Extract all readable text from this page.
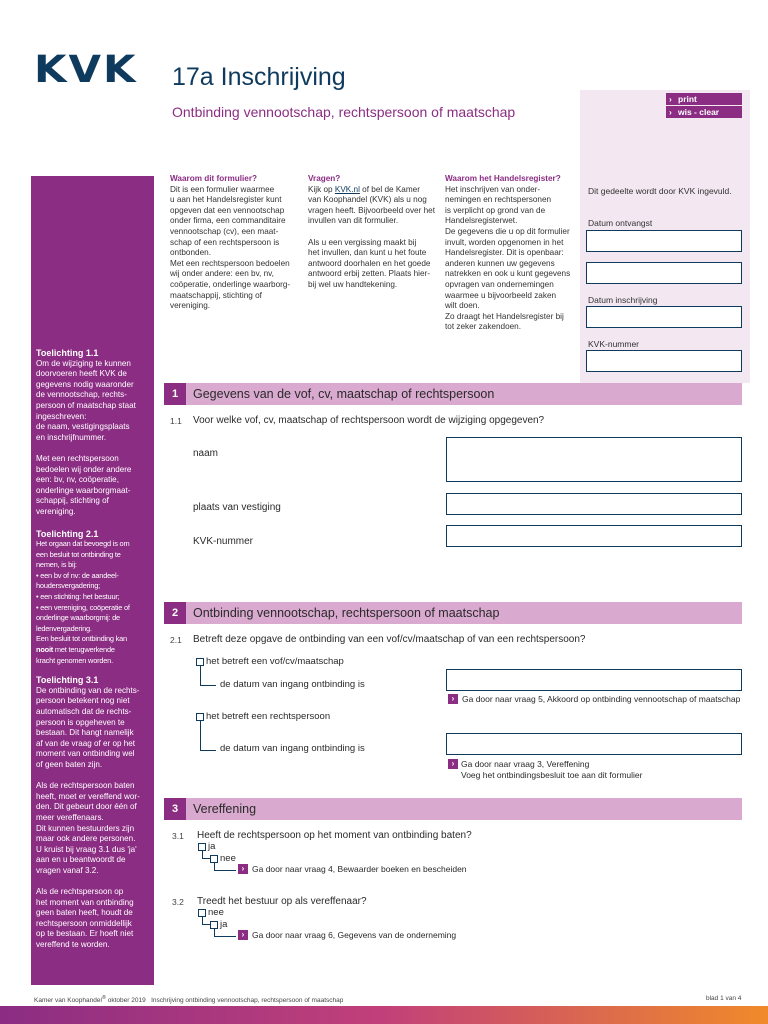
KVK 17a Inschrijving
Ontbinding vennootschap, rechtspersoon of maatschap
› print
› wis - clear
Dit gedeelte wordt door KVK ingevuld.
Datum ontvangst
Datum inschrijving
KVK-nummer
Waarom dit formulier?

Dit is een formulier waarmee
u aan het Handelsregister kunt
opgeven dat een vennootschap
onder firma, een commanditaire
vennootschap (cv), een maat-
schap of een rechtspersoon is
ontbonden.
Met een rechtspersoon bedoelen
wij onder andere: een bv, nv,
coöperatie, onderlinge waarborg-
maatschappij, stichting of
vereniging.

Vragen?

Kijk op KVK.nl of bel de Kamer
van Koophandel (KVK) als u nog
vragen heeft. Bijvoorbeeld over het
invullen van dit formulier.

Als u een vergissing maakt bij
het invullen, dan kunt u het foute
antwoord doorhalen en het goede
antwoord erbij zetten. Plaats hier-
bij wel uw handtekening.

Waarom het Handelsregister?

Het inschrijven van onder-
nemingen en rechtspersonen
is verplicht op grond van de
Handelsregisterwet.
De gegevens die u op dit formulier
invult, worden opgenomen in het
Handelsregister. Dit is openbaar:
anderen kunnen uw gegevens
natrekken en ook u kunt gegevens
opvragen van ondernemingen
waarmee u bijvoorbeeld zaken
wilt doen.
Zo draagt het Handelsregister bij
tot zeker zakendoen.

Toelichting 1.1
Om de wijziging te kunnen
doorvoeren heeft KVK de
gegevens nodig waaronder
de vennootschap, rechts-
persoon of maatschap staat
ingeschreven:
de naam, vestigingsplaats
en inschrijfnummer.

Met een rechtspersoon
bedoelen wij onder andere
een: bv, nv, coöperatie,
onderlinge waarborgmaat-
schappij, stichting of
vereniging.
Toelichting 2.1
Het orgaan dat bevoegd is om
een besluit tot ontbinding te
nemen, is bij:
• een bv of nv: de aandeel-
houdersvergadering;
• een stichting: het bestuur;
• een vereniging, coöperatie of
onderlinge waarborgmij: de
ledenvergadering.
Een besluit tot ontbinding kan
nooit met terugwerkende
kracht genomen worden.
Toelichting 3.1
De ontbinding van de rechts-
persoon betekent nog niet
automatisch dat de rechts-
persoon is opgeheven te
bestaan. Dit hangt namelijk
af van de vraag of er op het
moment van ontbinding wel
of geen baten zijn.

Als de rechtspersoon baten
heeft, moet er vereffend wor-
den. Dit gebeurt door één of
meer vereffenaars.
Dit kunnen bestuurders zijn
maar ook andere personen.
U kruist bij vraag 3.1 dus 'ja'
aan en u beantwoordt de
vragen vanaf 3.2.

Als de rechtspersoon op
het moment van ontbinding
geen baten heeft, houdt de
rechtspersoon onmiddellijk
op te bestaan. Er hoeft niet
vereffend te worden.
1	Gegevens van de vof, cv, maatschap of rechtspersoon
1.1 Voor welke vof, cv, maatschap of rechtspersoon wordt de wijziging opgegeven?
naam
plaats van vestiging
KVK-nummer
2	Ontbinding vennootschap, rechtspersoon of maatschap
2.1 Betreft deze opgave de ontbinding van een vof/cv/maatschap of van een rechtspersoon?
het betreft een vof/cv/maatschap
de datum van ingang ontbinding is
› Ga door naar vraag 5, Akkoord op ontbinding vennootschap of maatschap
het betreft een rechtspersoon
de datum van ingang ontbinding is
› Ga door naar vraag 3, Vereffening
Voeg het ontbindingsbesluit toe aan dit formulier
3	Vereffening
3.1 Heeft de rechtspersoon op het moment van ontbinding baten?
ja
nee
› Ga door naar vraag 4, Bewaarder boeken en bescheiden
3.2 Treedt het bestuur op als vereffenaar?
nee
ja
› Ga door naar vraag 6, Gegevens van de onderneming
Kamer van Koophandel® oktober 2019 Inschrijving ontbinding vennootschap, rechtspersoon of maatschap	blad 1 van 4
